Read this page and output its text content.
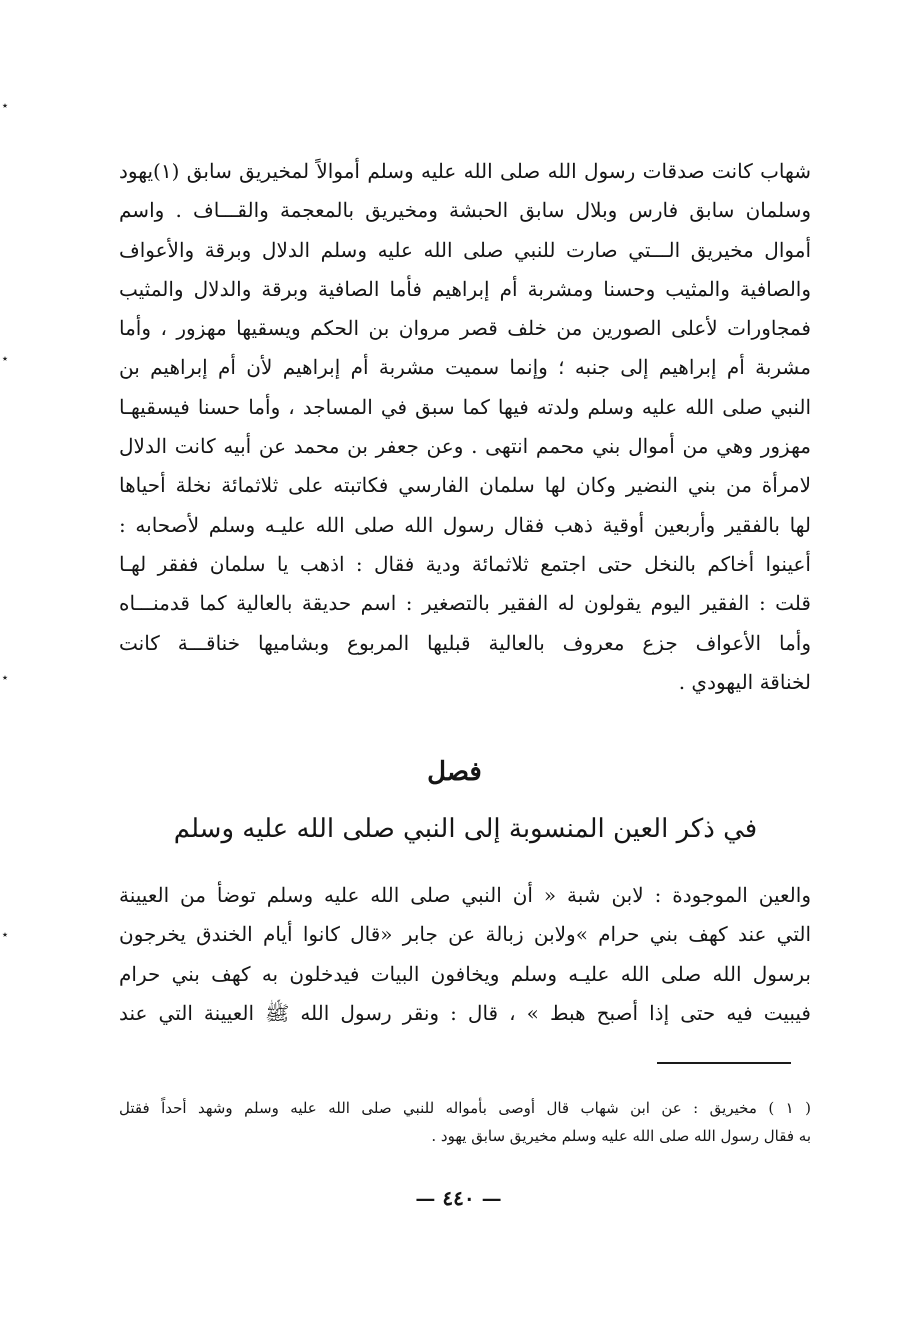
٭
٭
٭
٭
شهاب كانت صدقات رسول الله صلى الله عليه وسلم أموالاً لمخيريق سابق (١)يهود
وسلمان سابق فارس وبلال سابق الحبشة ومخيريق بالمعجمة والقـــاف . واسم
أموال مخيريق الـــتي صارت للنبي صلى الله عليه وسلم الدلال وبرقة والأعواف
والصافية والمثيب وحسنا ومشربة أم إبراهيم فأما الصافية وبرقة والدلال والمثيب
فمجاورات لأعلى الصورين من خلف قصر مروان بن الحكم ويسقيها مهزور ، وأما
مشربة أم إبراهيم إلى جنبه ؛ وإنما سميت مشربة أم إبراهيم لأن أم إبراهيم بن
النبي صلى الله عليه وسلم ولدته فيها كما سبق في المساجد ، وأما حسنا فيسقيهـا
مهزور وهي من أموال بني محمم انتهى . وعن جعفر بن محمد عن أبيه كانت الدلال
لامرأة من بني النضير وكان لها سلمان الفارسي فكاتبته على ثلاثمائة نخلة أحياها
لها بالفقير وأربعين أوقية ذهب فقال رسول الله صلى الله عليـه وسلم لأصحابه :
أعينوا أخاكم بالنخل حتى اجتمع ثلاثمائة ودية فقال : اذهب يا سلمان ففقر لهـا
قلت : الفقير اليوم يقولون له الفقير بالتصغير : اسم حديقة بالعالية كما قدمنـــاه
وأما الأعواف جزع معروف بالعالية قبليها المربوع وبشاميها خناقـــة كانت
لخناقة اليهودي .
فصل
في ذكر العين المنسوبة إلى النبي صلى الله عليه وسلم
والعين الموجودة : لابن شبة « أن النبي صلى الله عليه وسلم توضأ من العيينة
التي عند كهف بني حرام »ولابن زبالة عن جابر «قال كانوا أيام الخندق يخرجون
برسول الله صلى الله عليـه وسلم ويخافون البيات فيدخلون به كهف بني حرام
فيبيت فيه حتى إذا أصبح هبط » ، قال : ونقر رسول الله ﷺ العيينة التي عند
( ١ ) مخيريق : عن ابن شهاب قال أوصى بأمواله للنبي صلى الله عليه وسلم وشهد أحداً فقتل
به فقال رسول الله صلى الله عليه وسلم مخيريق سابق يهود .
— ٤٤٠ —
